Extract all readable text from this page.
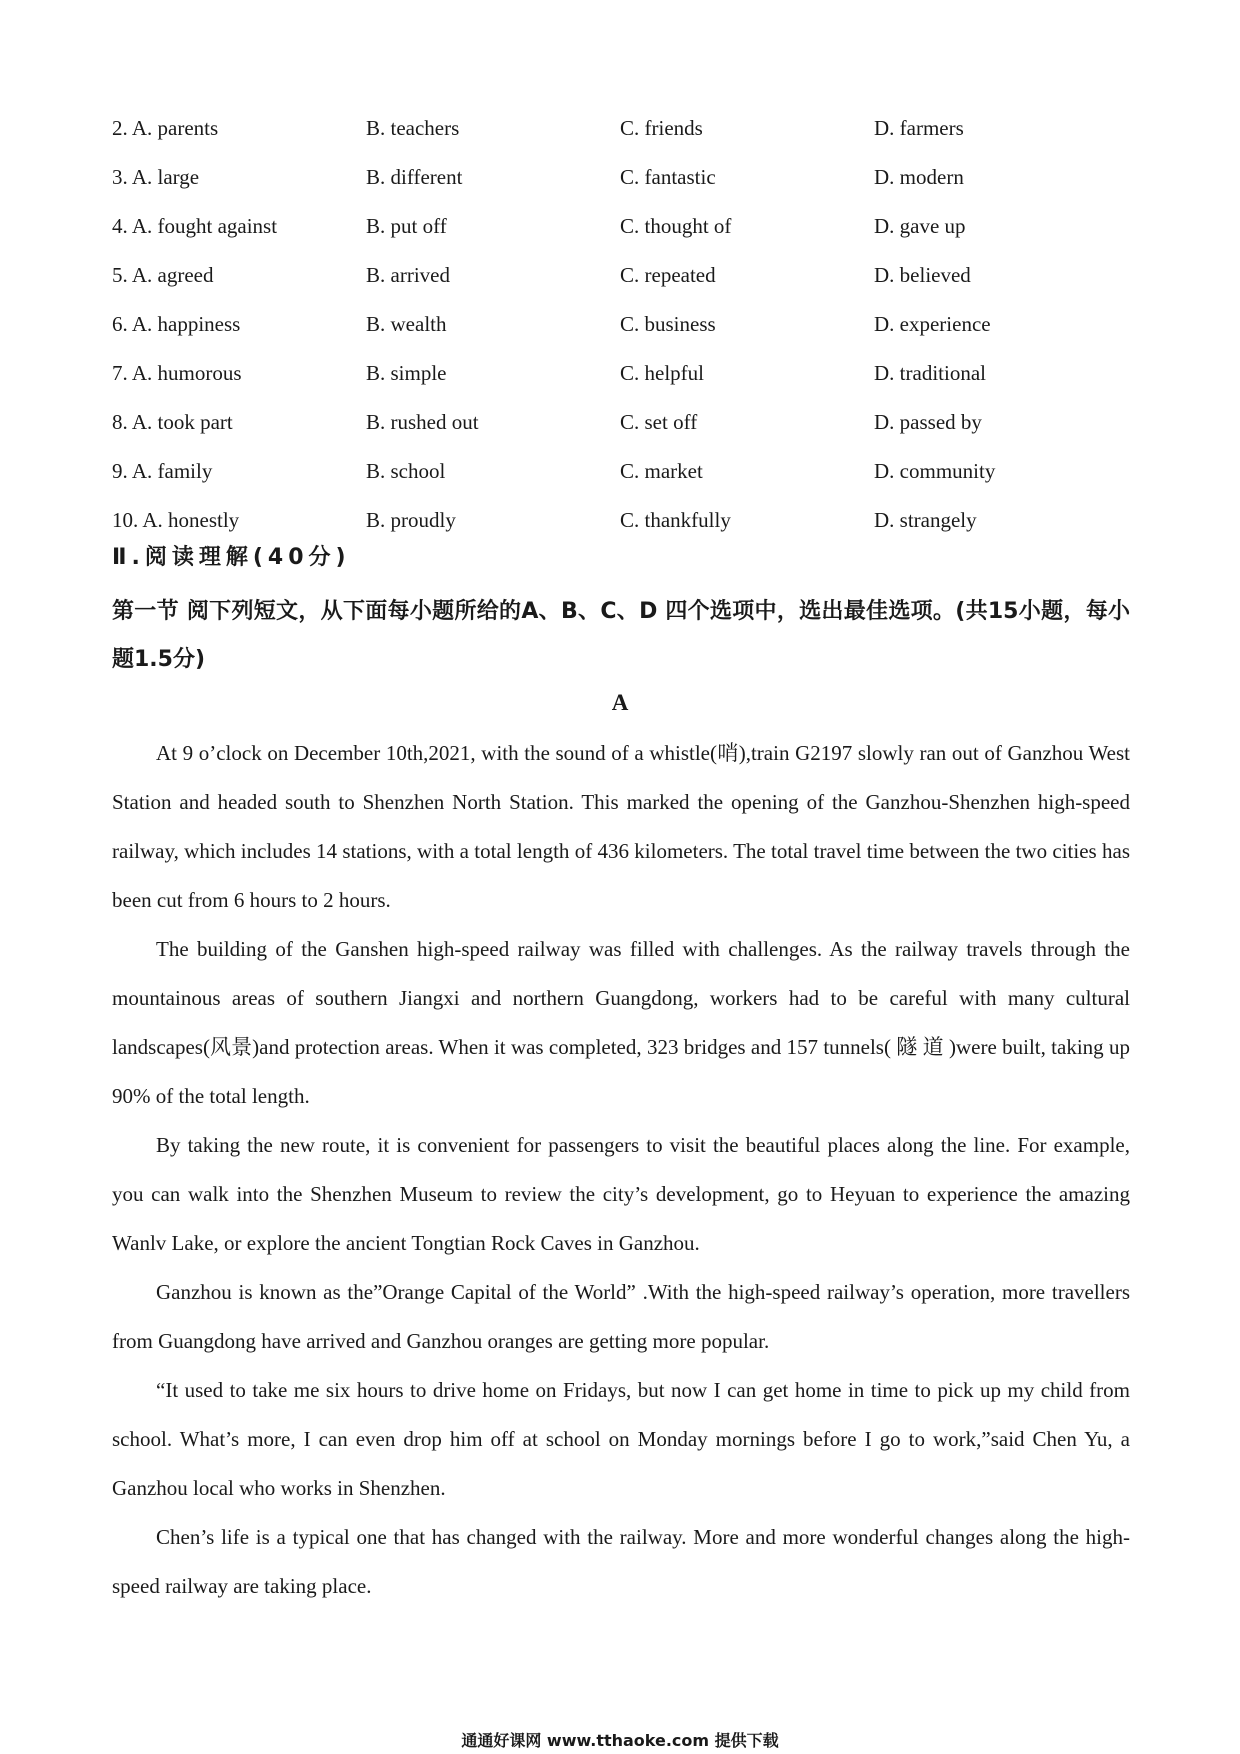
2. A. parents	B. teachers	C. friends	D. farmers
3. A. large	B. different	C. fantastic	D. modern
4. A. fought against	B. put off	C. thought of	D. gave up
5. A. agreed	B. arrived	C. repeated	D. believed
6. A. happiness	B. wealth	C. business	D. experience
7. A. humorous	B. simple	C. helpful	D. traditional
8. A. took part	B. rushed out	C. set off	D. passed by
9. A. family	B. school	C. market	D. community
10. A. honestly	B. proudly	C. thankfully	D. strangely
Ⅱ.阅读理解(40分)
第一节 阅下列短文，从下面每小题所给的A、B、C、D 四个选项中，选出最佳选项。(共15小题，每小题1.5分)
A

At 9 o’clock on December 10th,2021, with the sound of a whistle(哨),train G2197 slowly ran out of Ganzhou West Station and headed south to Shenzhen North Station. This marked the opening of the Ganzhou-Shenzhen high-speed railway, which includes 14 stations, with a total length of 436 kilometers. The total travel time between the two cities has been cut from 6 hours to 2 hours.

The building of the Ganshen high-speed railway was filled with challenges. As the railway travels through the mountainous areas of southern Jiangxi and northern Guangdong, workers had to be careful with many cultural landscapes(风景)and protection areas. When it was completed, 323 bridges and 157 tunnels( 隧 道 )were built, taking up 90% of the total length.

By taking the new route, it is convenient for passengers to visit the beautiful places along the line. For example, you can walk into the Shenzhen Museum to review the city’s development, go to Heyuan to experience the amazing Wanlv Lake, or explore the ancient Tongtian Rock Caves in Ganzhou.

Ganzhou is known as the”Orange Capital of the World” .With the high-speed railway’s operation, more travellers from Guangdong have arrived and Ganzhou oranges are getting more popular.

“It used to take me six hours to drive home on Fridays, but now I can get home in time to pick up my child from school. What’s more, I can even drop him off at school on Monday mornings before I go to work,”said Chen Yu, a Ganzhou local who works in Shenzhen.

Chen’s life is a typical one that has changed with the railway. More and more wonderful changes along the high-speed railway are taking place.

通通好课网 www.tthaoke.com 提供下载
